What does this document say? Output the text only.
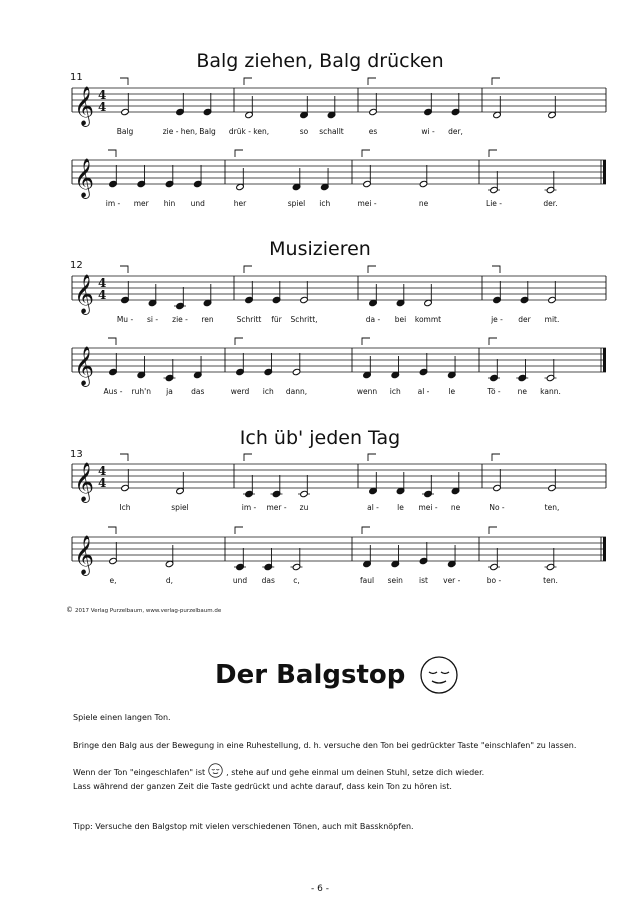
Balg ziehen, Balg drücken
11
𝄞 4
4
𝄞
Musizieren
12
𝄞 4
4
𝄞
Ich üb' jeden Tag
13
𝄞 4
4
𝄞
Balg	zie - hen, Balg drük - ken,	so schallt	es	wi - der,
im - mer hin und	her	spiel ich	mei -	ne	Lie -	der.
Mu - si - zie - ren	Schritt für Schritt,	da - bei kommt	je - der mit.
Aus - ruh'n ja das	werd ich dann,	wenn ich al -	le	Tö - ne kann.
Ich	spiel	im - mer - zu	al - le mei - ne	No -	ten,
e,	d,	und das c,	faul sein ist ver -	bo -	ten.
© 2017 Verlag Purzelbaum, www.verlag-purzelbaum.de
Der Balgstop
Spiele einen langen Ton.
Bringe den Balg aus der Bewegung in eine Ruhestellung, d. h. versuche den Ton bei gedrückter Taste "einschlafen" zu lassen.
Wenn der Ton "eingeschlafen" ist	, stehe auf und gehe einmal um deinen Stuhl, setze dich wieder.
Lass während der ganzen Zeit die Taste gedrückt und achte darauf, dass kein Ton zu hören ist.
Tipp: Versuche den Balgstop mit vielen verschiedenen Tönen, auch mit Bassknöpfen.
- 6 -
